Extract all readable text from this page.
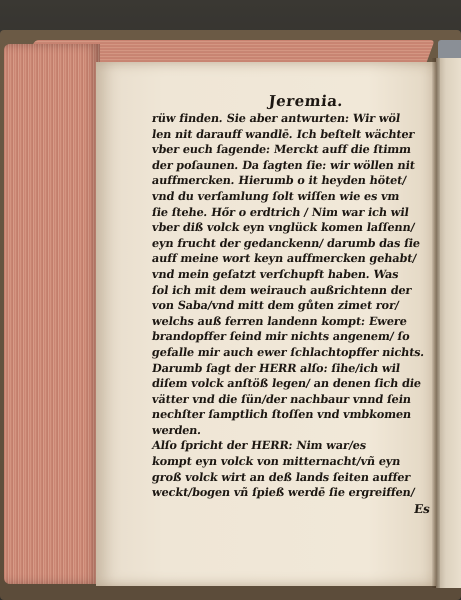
Jeremia.
rüw finden. Sie aber antwurten: Wir wöl
len nit darauff wandlē. Ich beſtelt wächter
vber euch ſagende: Merckt auff die ſtimm
der poſaunen. Da ſagten ſie: wir wöllen nit
auffmercken. Hierumb o it heyden hötet/
vnd du verſamlung ſolt wiſſen wie es vm
ſie ſtehe. Hőr o erdtrich / Nim war ich wil
vber diß volck eyn vnglück komen laſſenn/
eyn frucht der gedanckenn/ darumb das ſie
auff meine wort keyn auffmercken gehabt/
vnd mein geſatzt verſchupft haben. Was
ſol ich mit dem weirauch außrichtenn der
von Saba/vnd mitt dem gůten zimet ror/
welchs auß ferren landenn kompt: Ewere
brandopffer ſeind mir nichts angenem/ ſo
gefalle mir auch ewer ſchlachtopffer nichts.
Darumb ſagt der HERR alſo: ſihe/ich wil
diſem volck anſtöß legen/ an denen ſich die
vätter vnd die ſün/der nachbaur vnnd ſein
nechſter ſamptlich ſtoſſen vnd vmbkomen
werden.
Alſo ſpricht der HERR: Nim war/es
kompt eyn volck von mitternacht/vñ eyn
groß volck wirt an deß lands ſeiten auffer
weckt/bogen vñ ſpieß werdē ſie ergreiffen/
Es
